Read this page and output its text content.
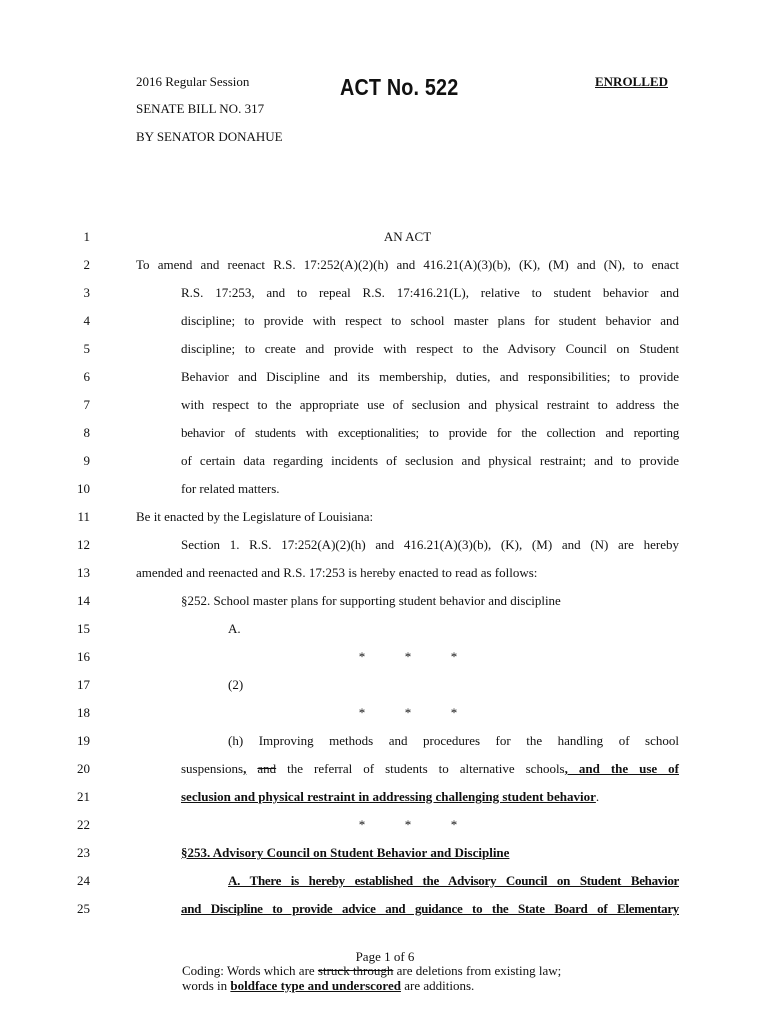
2016 Regular Session	ACT No. 522	ENROLLED
SENATE BILL NO. 317
BY SENATOR DONAHUE
1
2
3
4
5
6
7
8
9
10
11
12
13
14
15
16
17
18
19
20
21
22
23
24
25
AN ACT
To amend and reenact R.S. 17:252(A)(2)(h) and 416.21(A)(3)(b), (K), (M) and (N), to enact
R.S. 17:253, and to repeal R.S. 17:416.21(L), relative to student behavior and
discipline; to provide with respect to school master plans for student behavior and
discipline; to create and provide with respect to the Advisory Council on Student
Behavior and Discipline and its membership, duties, and responsibilities; to provide
with respect to the appropriate use of seclusion and physical restraint to address the
behavior of students with exceptionalities; to provide for the collection and reporting
of certain data regarding incidents of seclusion and physical restraint; and to provide
for related matters.
Be it enacted by the Legislature of Louisiana:
Section 1. R.S. 17:252(A)(2)(h) and 416.21(A)(3)(b), (K), (M) and (N) are hereby
amended and reenacted and R.S. 17:253 is hereby enacted to read as follows:
§252. School master plans for supporting student behavior and discipline
A.
*	*	*
(2)
*	*	*
(h) Improving methods and procedures for the handling of school
suspensions, and the referral of students to alternative schools, and the use of
seclusion and physical restraint in addressing challenging student behavior.
*	*	*
§253. Advisory Council on Student Behavior and Discipline
A. There is hereby established the Advisory Council on Student Behavior
and Discipline to provide advice and guidance to the State Board of Elementary
Page 1 of 6
Coding: Words which are struck through are deletions from existing law;
words in boldface type and underscored are additions.
